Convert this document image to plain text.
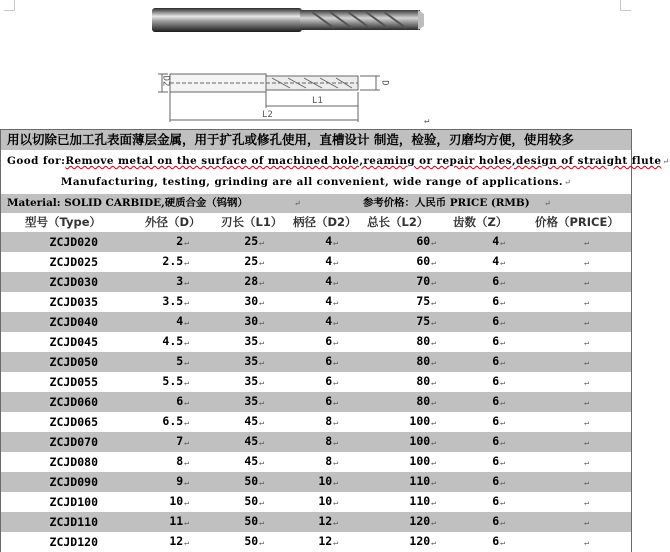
D2	D
L1
L2
↵
用以切除已加工孔表面薄层金属，用于扩孔或修孔使用，直槽设计 制造，检验，刃磨均方便，使用较多
Good for:Remove metal on the surface of machined hole,reaming or repair holes,design of straight flute↵
Manufacturing, testing, grinding are all convenient, wide range of applications.↵
Material: SOLID CARBIDE,硬质合金（钨钢）	↵	参考价格：人民币 PRICE (RMB) ↵
型号（Type）	外径（D） 刃长（L1） 柄径（D2） 总长（L2） 齿数（Z） 价格（PRICE）
ZCJD020	2↵	25↵	4↵	60↵	4↵	↵
ZCJD025	2.5↵	25↵	4↵	60↵	4↵	↵
ZCJD030	3↵	28↵	4↵	70↵	6↵	↵
ZCJD035	3.5↵	30↵	4↵	75↵	6↵	↵
ZCJD040	4↵	30↵	4↵	75↵	6↵	↵
ZCJD045	4.5↵	35↵	6↵	80↵	6↵	↵
ZCJD050	5↵	35↵	6↵	80↵	6↵	↵
ZCJD055	5.5↵	35↵	6↵	80↵	6↵	↵
ZCJD060	6↵	35↵	6↵	80↵	6↵	↵
ZCJD065	6.5↵	45↵	8↵	100↵	6↵	↵
ZCJD070	7↵	45↵	8↵	100↵	6↵	↵
ZCJD080	8↵	45↵	8↵	100↵	6↵	↵
ZCJD090	9↵	50↵	10↵	110↵	6↵	↵
ZCJD100	10↵	50↵	10↵	110↵	6↵	↵
ZCJD110	11↵	50↵	12↵	120↵	6↵	↵
ZCJD120	12↵	50↵	12↵	120↵	6↵	↵
